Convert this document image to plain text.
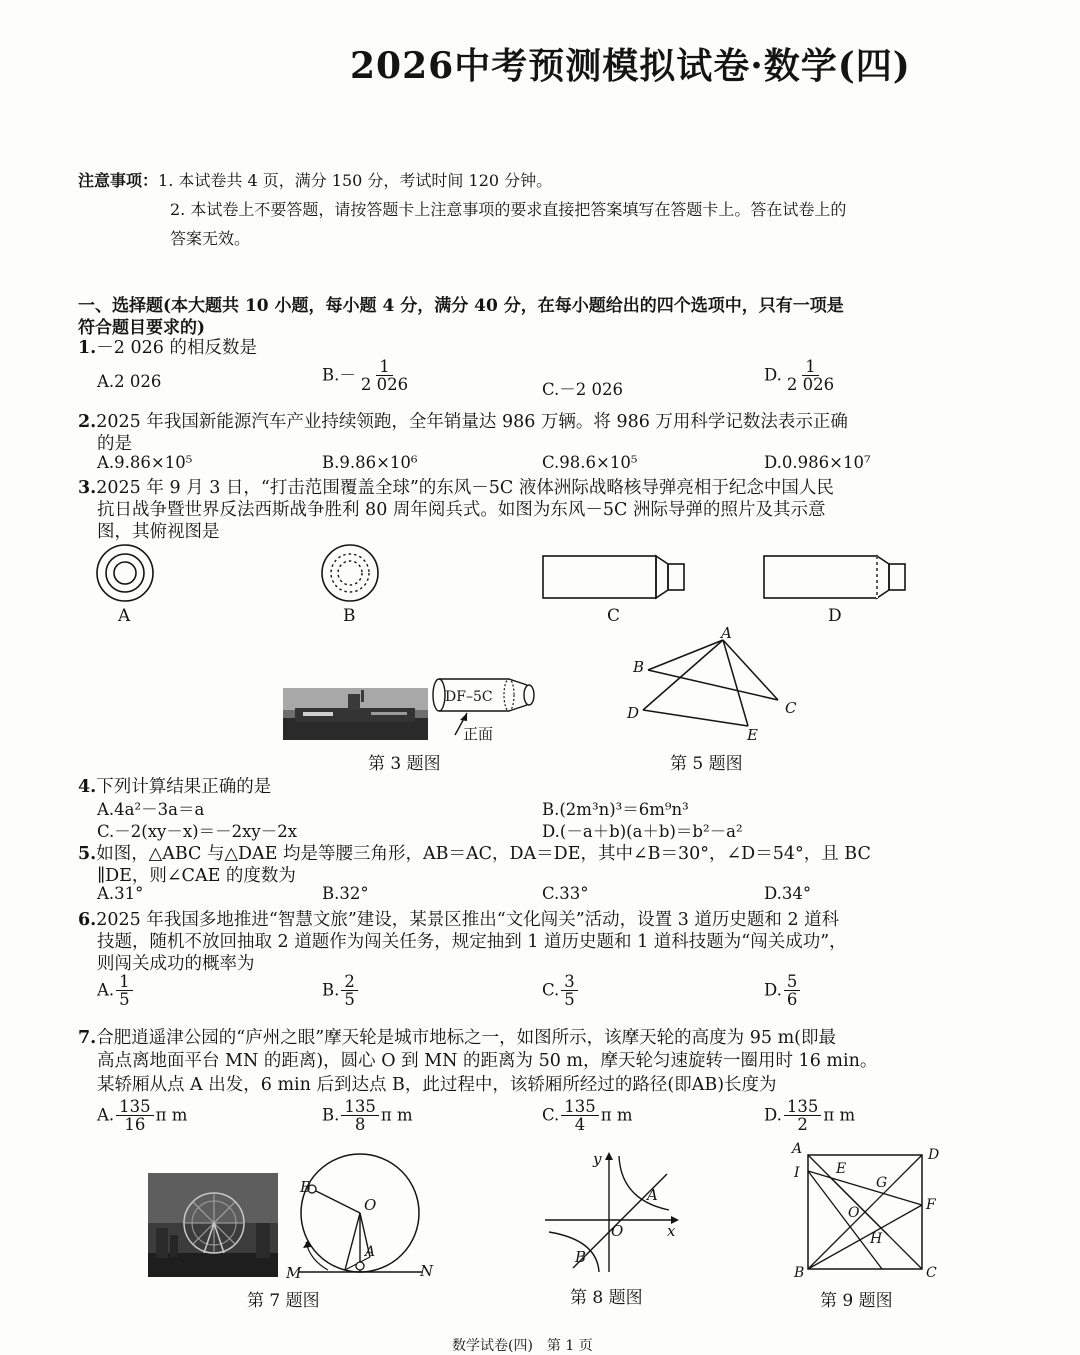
2026中考预测模拟试卷·数学(四)
注意事项：1. 本试卷共 4 页，满分 150 分，考试时间 120 分钟。
2. 本试卷上不要答题，请按答题卡上注意事项的要求直接把答案填写在答题卡上。答在试卷上的
答案无效。
一、选择题(本大题共 10 小题，每小题 4 分，满分 40 分，在每小题给出的四个选项中，只有一项是
符合题目要求的)
1.－2 026 的相反数是
A.2 026	$B.- \frac{1}{2 026}$	C.－2 026
D. $\frac{1}{2 026}$
2.2025 年我国新能源汽车产业持续领跑，全年销量达 986 万辆。将 986 万用科学记数法表示正确
的是
A.9.86×10⁵	B.9.86×10⁶	C.98.6×10⁵	D.0.986×10⁷
3.2025 年 9 月 3 日，“打击范围覆盖全球”的东风－5C 液体洲际战略核导弹亮相于纪念中国人民
抗日战争暨世界反法西斯战争胜利 80 周年阅兵式。如图为东风－5C 洲际导弹的照片及其示意
图，其俯视图是
A	B	C	D
DF–5C
正面
第 3 题图
A
B
C
D
E
第 5 题图
4.下列计算结果正确的是
A.4a²－3a＝a	B.(2m³n)³＝6m⁹n³
C.－2(xy－x)＝－2xy－2x	D.(－a＋b)(a＋b)＝b²－a²
5.如图，△ABC 与△DAE 均是等腰三角形，AB＝AC，DA＝DE，其中∠B＝30°，∠D＝54°，且 BC
∥DE，则∠CAE 的度数为
A.31°	B.32°	C.33°	D.34°
6.2025 年我国多地推进“智慧文旅”建设，某景区推出“文化闯关”活动，设置 3 道历史题和 2 道科
技题，随机不放回抽取 2 道题作为闯关任务，规定抽到 1 道历史题和 1 道科技题为“闯关成功”，
则闯关成功的概率为
A. $\frac{1}{5}$	B. $\frac{2}{5}$	C. $\frac{3}{5}$	D. $\frac{5}{6}$
7.合肥逍遥津公园的“庐州之眼”摩天轮是城市地标之一，如图所示，该摩天轮的高度为 95 m(即最
高点离地面平台 MN 的距离)，圆心 O 到 MN 的距离为 50 m，摩天轮匀速旋转一圈用时 16 min。
某轿厢从点 A 出发，6 min 后到达点 B，此过程中，该轿厢所经过的路径(即AB)长度为
A. $\frac{135}{16}$ π m	B. $\frac{135}{8}$ π m	C. $\frac{135}{4}$ π m	D. $\frac{135}{2}$ π m
B
O
A
M	N
第 7 题图
y
A
O	x
B
第 8 题图
A	D
I	E
G
F
O
H
B	C
第 9 题图
数学试卷(四)　第 1 页
